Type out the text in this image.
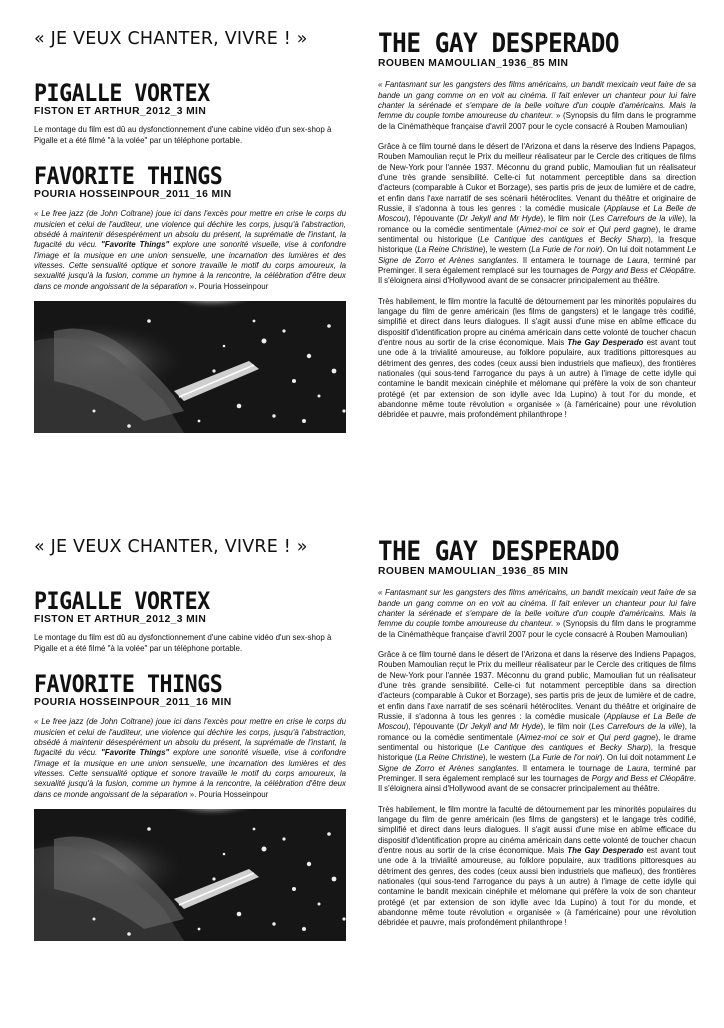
« JE VEUX CHANTER, VIVRE ! »
PIGALLE VORTEX
FISTON ET ARTHUR_2012_3 MIN

Le montage du film est dû au dysfonctionnement d'une cabine vidéo d'un sex-shop à Pigalle et a été filmé "à la volée" par un téléphone portable.

FAVORITE THINGS
POURIA HOSSEINPOUR_2011_16 MIN

« Le free jazz (de John Coltrane) joue ici dans l'excès pour mettre en crise le corps du musicien et celui de l'auditeur, une violence qui déchire les corps, jusqu'à l'abstraction, obsédé à maintenir désespérément un absolu du présent, la suprématie de l'instant, la fugacité du vécu. "Favorite Things" explore une sonorité visuelle, vise à confondre l'image et la musique en une union sensuelle, une incarnation des lumières et des vitesses. Cette sensualité optique et sonore travaille le motif du corps amoureux, la sexualité jusqu'à la fusion, comme un hymne à la rencontre, la célébration d'être deux dans ce monde angoissant de la séparation ». Pouria Hosseinpour

THE GAY DESPERADO
ROUBEN MAMOULIAN_1936_85 MIN

« Fantasmant sur les gangsters des films américains, un bandit mexicain veut faire de sa bande un gang comme on en voit au cinéma. Il fait enlever un chanteur pour lui faire chanter la sérénade et s'empare de la belle voiture d'un couple d'américains. Mais la femme du couple tombe amoureuse du chanteur. » (Synopsis du film dans le programme de la Cinémathèque française d'avril 2007 pour le cycle consacré à Rouben Mamoulian)

Grâce à ce film tourné dans le désert de l'Arizona et dans la réserve des Indiens Papagos, Rouben Mamoulian reçut le Prix du meilleur réalisateur par le Cercle des critiques de films de New-York pour l'année 1937. Méconnu du grand public, Mamoulian fut un réalisateur d'une très grande sensibilité. Celle-ci fut notamment perceptible dans sa direction d'acteurs (comparable à Cukor et Borzage), ses partis pris de jeux de lumière et de cadre, et enfin dans l'axe narratif de ses scénarii hétéroclites. Venant du théâtre et originaire de Russie, il s'adonna à tous les genres : la comédie musicale (Applause et La Belle de Moscou), l'épouvante (Dr Jekyll and Mr Hyde), le film noir (Les Carrefours de la ville), la romance ou la comédie sentimentale (Aimez-moi ce soir et Qui perd gagne), le drame sentimental ou historique (Le Cantique des cantiques et Becky Sharp), la fresque historique (La Reine Christine), le western (La Furie de l'or noir). On lui doit notamment Le Signe de Zorro et Arènes sanglantes. Il entamera le tournage de Laura, terminé par Preminger. Il sera également remplacé sur les tournages de Porgy and Bess et Cléopâtre. Il s'éloignera ainsi d'Hollywood avant de se consacrer principalement au théâtre.

Très habilement, le film montre la faculté de détournement par les minorités populaires du langage du film de genre américain (les films de gangsters) et le langage très codifié, simplifié et direct dans leurs dialogues. Il s'agit aussi d'une mise en abîme efficace du dispositif d'identification propre au cinéma américain dans cette volonté de toucher chacun d'entre nous au sortir de la crise économique. Mais The Gay Desperado est avant tout une ode à la trivialité amoureuse, au folklore populaire, aux traditions pittoresques au détriment des genres, des codes (ceux aussi bien industriels que mafieux), des frontières nationales (qui sous-tend l'arrogance du pays à un autre) à l'image de cette idylle qui contamine le bandit mexicain cinéphile et mélomane qui préfère la voix de son chanteur protégé (et par extension de son idylle avec Ida Lupino) à tout l'or du monde, et abandonne même toute révolution « organisée » (à l'américaine) pour une révolution débridée et pauvre, mais profondément philanthrope !

« JE VEUX CHANTER, VIVRE ! »
PIGALLE VORTEX
FISTON ET ARTHUR_2012_3 MIN

Le montage du film est dû au dysfonctionnement d'une cabine vidéo d'un sex-shop à Pigalle et a été filmé "à la volée" par un téléphone portable.

FAVORITE THINGS
POURIA HOSSEINPOUR_2011_16 MIN

« Le free jazz (de John Coltrane) joue ici dans l'excès pour mettre en crise le corps du musicien et celui de l'auditeur, une violence qui déchire les corps, jusqu'à l'abstraction, obsédé à maintenir désespérément un absolu du présent, la suprématie de l'instant, la fugacité du vécu. "Favorite Things" explore une sonorité visuelle, vise à confondre l'image et la musique en une union sensuelle, une incarnation des lumières et des vitesses. Cette sensualité optique et sonore travaille le motif du corps amoureux, la sexualité jusqu'à la fusion, comme un hymne à la rencontre, la célébration d'être deux dans ce monde angoissant de la séparation ». Pouria Hosseinpour

THE GAY DESPERADO
ROUBEN MAMOULIAN_1936_85 MIN

« Fantasmant sur les gangsters des films américains, un bandit mexicain veut faire de sa bande un gang comme on en voit au cinéma. Il fait enlever un chanteur pour lui faire chanter la sérénade et s'empare de la belle voiture d'un couple d'américains. Mais la femme du couple tombe amoureuse du chanteur. » (Synopsis du film dans le programme de la Cinémathèque française d'avril 2007 pour le cycle consacré à Rouben Mamoulian)

Grâce à ce film tourné dans le désert de l'Arizona et dans la réserve des Indiens Papagos, Rouben Mamoulian reçut le Prix du meilleur réalisateur par le Cercle des critiques de films de New-York pour l'année 1937. Méconnu du grand public, Mamoulian fut un réalisateur d'une très grande sensibilité. Celle-ci fut notamment perceptible dans sa direction d'acteurs (comparable à Cukor et Borzage), ses partis pris de jeux de lumière et de cadre, et enfin dans l'axe narratif de ses scénarii hétéroclites. Venant du théâtre et originaire de Russie, il s'adonna à tous les genres : la comédie musicale (Applause et La Belle de Moscou), l'épouvante (Dr Jekyll and Mr Hyde), le film noir (Les Carrefours de la ville), la romance ou la comédie sentimentale (Aimez-moi ce soir et Qui perd gagne), le drame sentimental ou historique (Le Cantique des cantiques et Becky Sharp), la fresque historique (La Reine Christine), le western (La Furie de l'or noir). On lui doit notamment Le Signe de Zorro et Arènes sanglantes. Il entamera le tournage de Laura, terminé par Preminger. Il sera également remplacé sur les tournages de Porgy and Bess et Cléopâtre. Il s'éloignera ainsi d'Hollywood avant de se consacrer principalement au théâtre.

Très habilement, le film montre la faculté de détournement par les minorités populaires du langage du film de genre américain (les films de gangsters) et le langage très codifié, simplifié et direct dans leurs dialogues. Il s'agit aussi d'une mise en abîme efficace du dispositif d'identification propre au cinéma américain dans cette volonté de toucher chacun d'entre nous au sortir de la crise économique. Mais The Gay Desperado est avant tout une ode à la trivialité amoureuse, au folklore populaire, aux traditions pittoresques au détriment des genres, des codes (ceux aussi bien industriels que mafieux), des frontières nationales (qui sous-tend l'arrogance du pays à un autre) à l'image de cette idylle qui contamine le bandit mexicain cinéphile et mélomane qui préfère la voix de son chanteur protégé (et par extension de son idylle avec Ida Lupino) à tout l'or du monde, et abandonne même toute révolution « organisée » (à l'américaine) pour une révolution débridée et pauvre, mais profondément philanthrope !
